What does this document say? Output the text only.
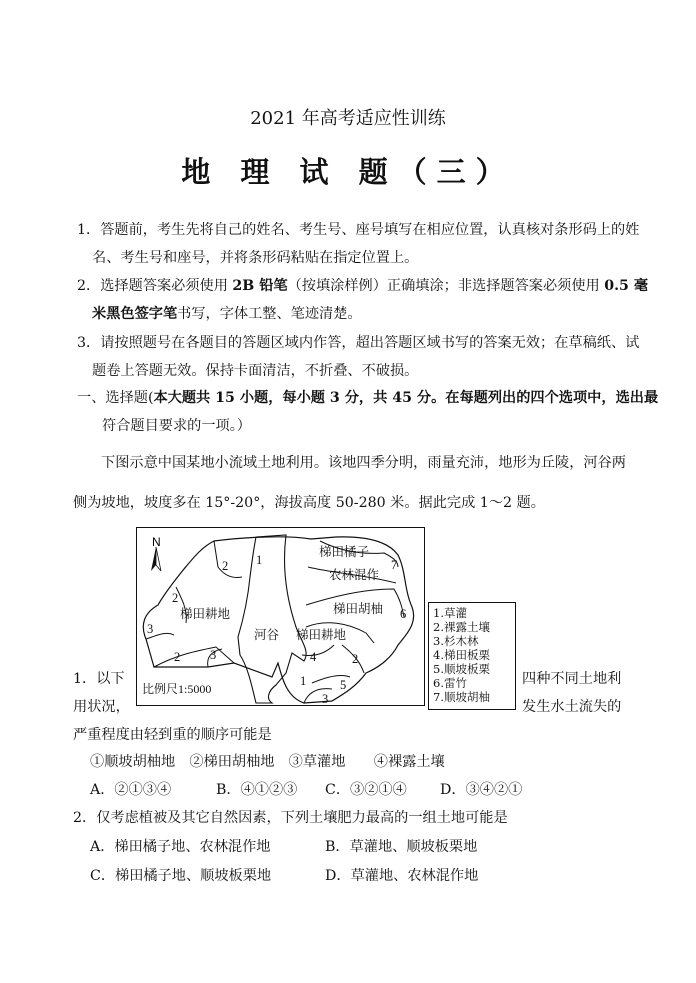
2021 年高考适应性训练
地 理 试 题（三）
1．答题前，考生先将自己的姓名、考生号、座号填写在相应位置，认真核对条形码上的姓
名、考生号和座号，并将条形码粘贴在指定位置上。
2．选择题答案必须使用 2B 铅笔（按填涂样例）正确填涂；非选择题答案必须使用 0.5 毫
米黑色签字笔书写，字体工整、笔迹清楚。
3．请按照题号在各题目的答题区域内作答，超出答题区域书写的答案无效；在草稿纸、试
题卷上答题无效。保持卡面清洁，不折叠、不破损。
一、选择题(本大题共 15 小题，每小题 3 分，共 45 分。在每题列出的四个选项中，选出最
符合题目要求的一项。）
下图示意中国某地小流域土地利用。该地四季分明，雨量充沛，地形为丘陵，河谷两
侧为坡地，坡度多在 15°-20°，海拔高度 50-280 米。据此完成 1～2 题。
N
梯田橘子
农林混作
梯田胡柚
梯田耕地
河谷 梯田耕地
1
2
2
3
2 3
7
6
4	2
1	5
3
比例尺1:5000
1.草灌
2.裸露土壤
3.杉木林
4.梯田板栗
5.顺坡板栗
6.雷竹
7.顺坡胡柚
1．以下	四种不同土地利
用状况，	发生水土流失的
严重程度由轻到重的顺序可能是
①顺坡胡柚地　②梯田胡柚地　③草灌地　　④裸露土壤
A．②①③④	B．④①②③ C．③②①④ D．③④②①
2．仅考虑植被及其它自然因素，下列土壤肥力最高的一组土地可能是
A．梯田橘子地、农林混作地	B．草灌地、顺坡板栗地
C．梯田橘子地、顺坡板栗地	D．草灌地、农林混作地
